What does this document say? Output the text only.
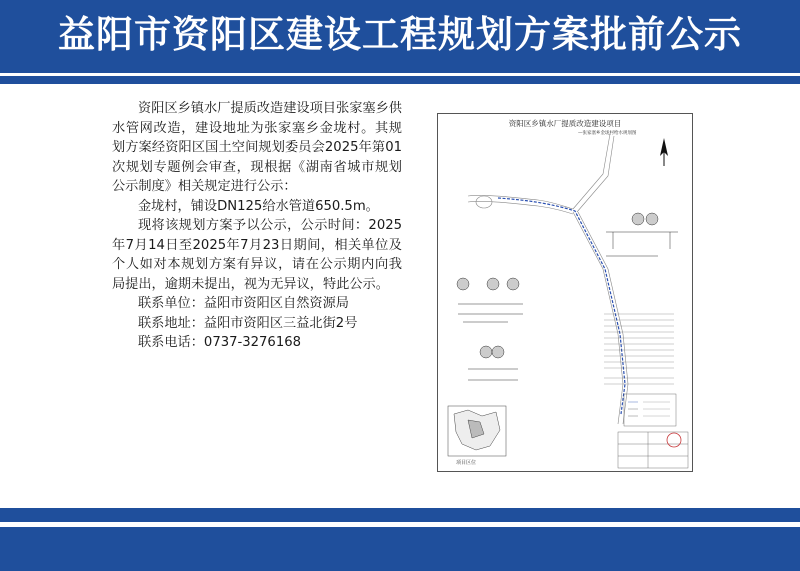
益阳市资阳区建设工程规划方案批前公示

资阳区乡镇水厂提质改造建设项目张家塞乡供水管网改造，建设地址为张家塞乡金垅村。其规划方案经资阳区国土空间规划委员会2025年第01次规划专题例会审查，现根据《湖南省城市规划公示制度》相关规定进行公示：

金垅村，铺设DN125给水管道650.5m。

现将该规划方案予以公示，公示时间：2025年7月14日至2025年7月23日期间，相关单位及个人如对本规划方案有异议，请在公示期内向我局提出，逾期未提出，视为无异议，特此公示。

联系单位：益阳市资阳区自然资源局

联系地址：益阳市资阳区三益北街2号

联系电话：0737-3276168

资阳区乡镇水厂提质改造建设项目
—张家塞乡金垅村给水规划图
项目区位
